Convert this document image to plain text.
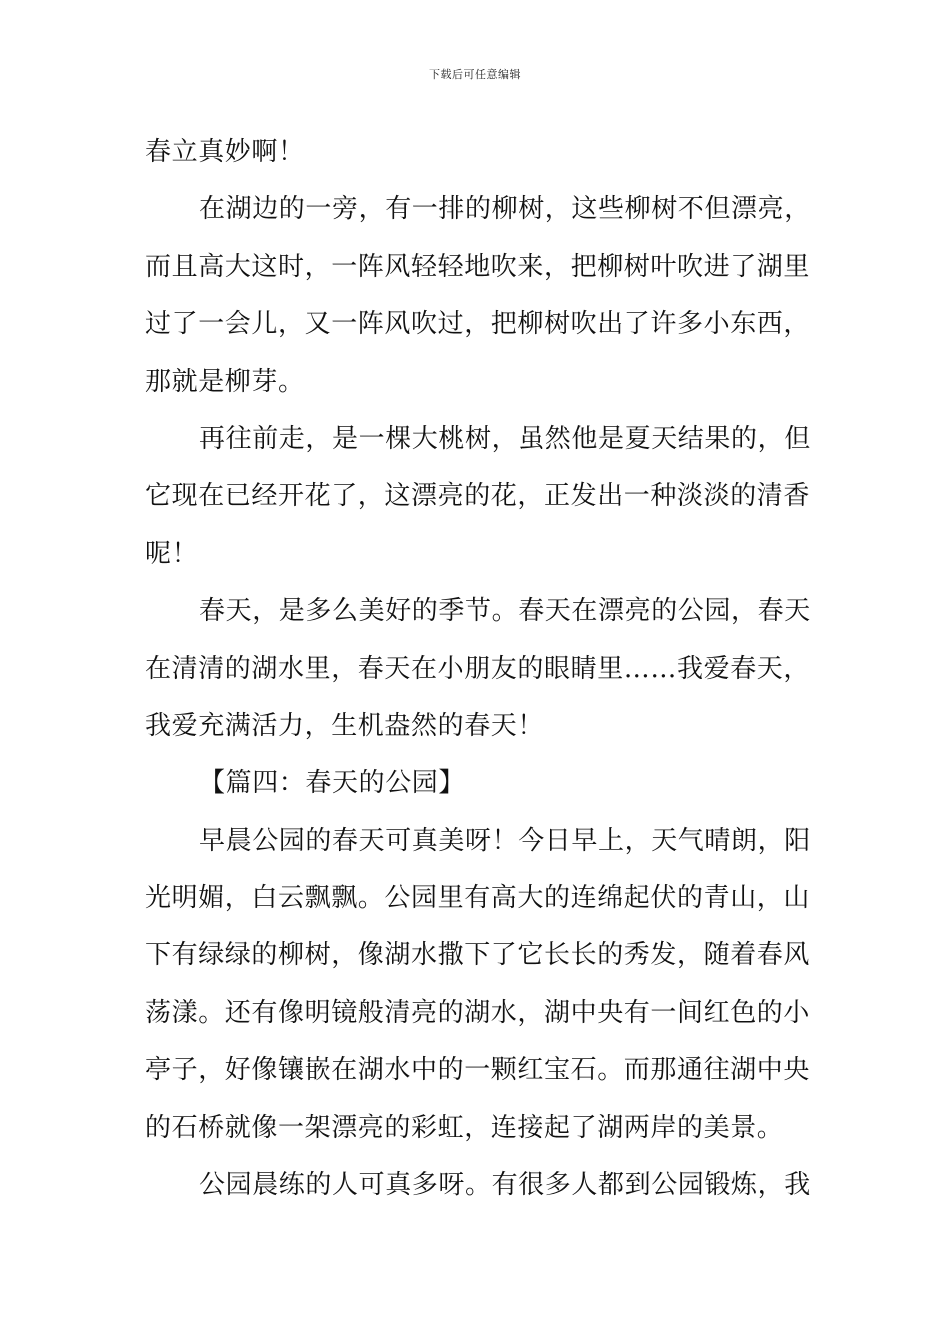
下载后可任意编辑
春立真妙啊！
在湖边的一旁，有一排的柳树，这些柳树不但漂亮，
而且高大这时，一阵风轻轻地吹来，把柳树叶吹进了湖里
过了一会儿，又一阵风吹过，把柳树吹出了许多小东西，
那就是柳芽。
再往前走，是一棵大桃树，虽然他是夏天结果的，但
它现在已经开花了，这漂亮的花，正发出一种淡淡的清香
呢！
春天，是多么美好的季节。春天在漂亮的公园，春天
在清清的湖水里，春天在小朋友的眼睛里……我爱春天，
我爱充满活力，生机盎然的春天！
【篇四：春天的公园】
早晨公园的春天可真美呀！今日早上，天气晴朗，阳
光明媚，白云飘飘。公园里有高大的连绵起伏的青山，山
下有绿绿的柳树，像湖水撒下了它长长的秀发，随着春风
荡漾。还有像明镜般清亮的湖水，湖中央有一间红色的小
亭子，好像镶嵌在湖水中的一颗红宝石。而那通往湖中央
的石桥就像一架漂亮的彩虹，连接起了湖两岸的美景。
公园晨练的人可真多呀。有很多人都到公园锻炼，我
